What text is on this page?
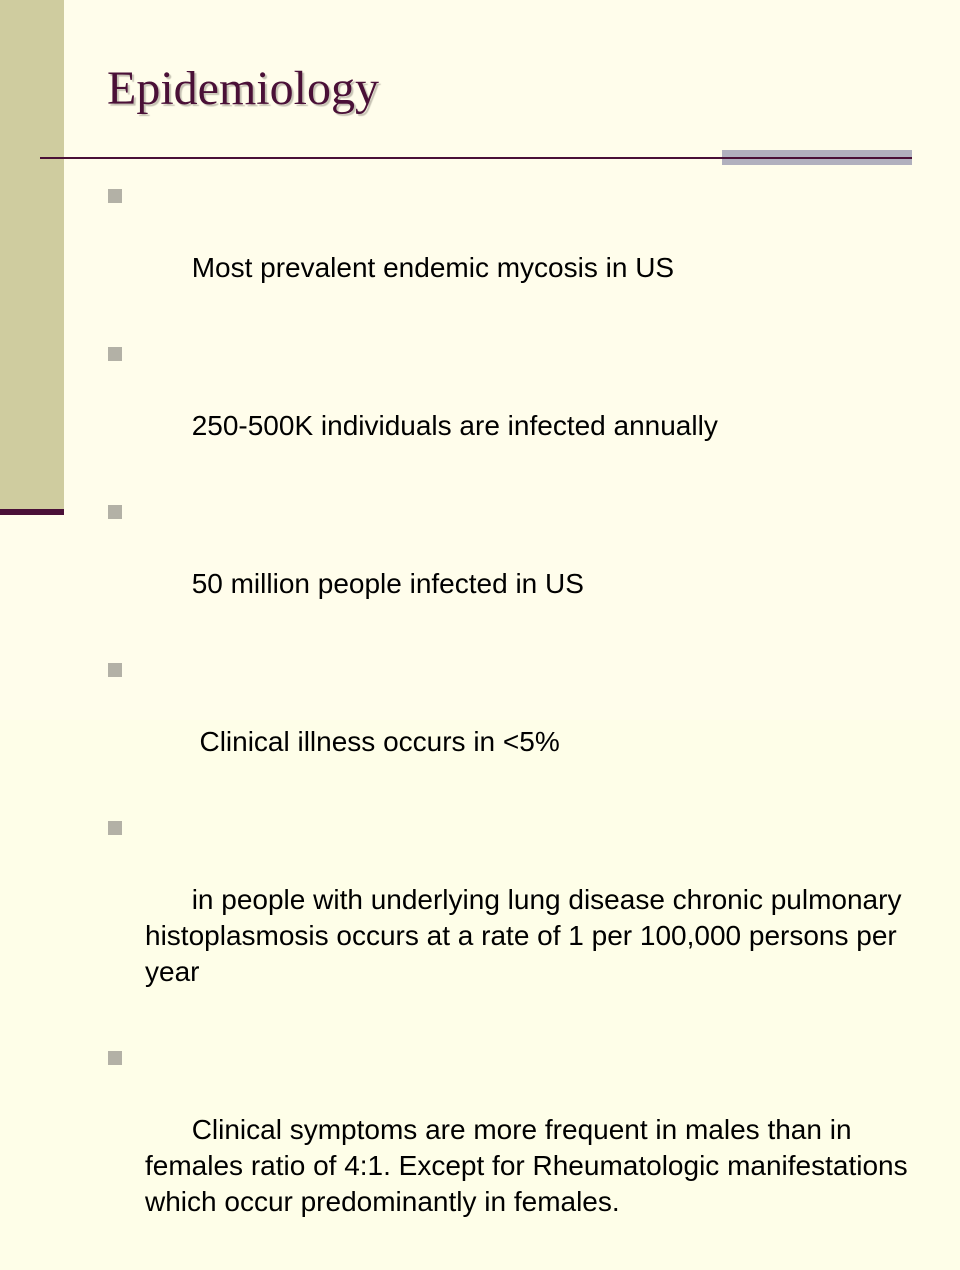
Epidemiology

Most prevalent endemic mycosis in US

250-500K individuals are infected annually

50 million people infected in US

Clinical illness occurs in <5%

in people with underlying lung disease chronic pulmonary histoplasmosis occurs at a rate of 1 per 100,000 persons per year

Clinical symptoms are more frequent in males than in females ratio of 4:1. Except for Rheumatologic manifestations which occur predominantly in females.
